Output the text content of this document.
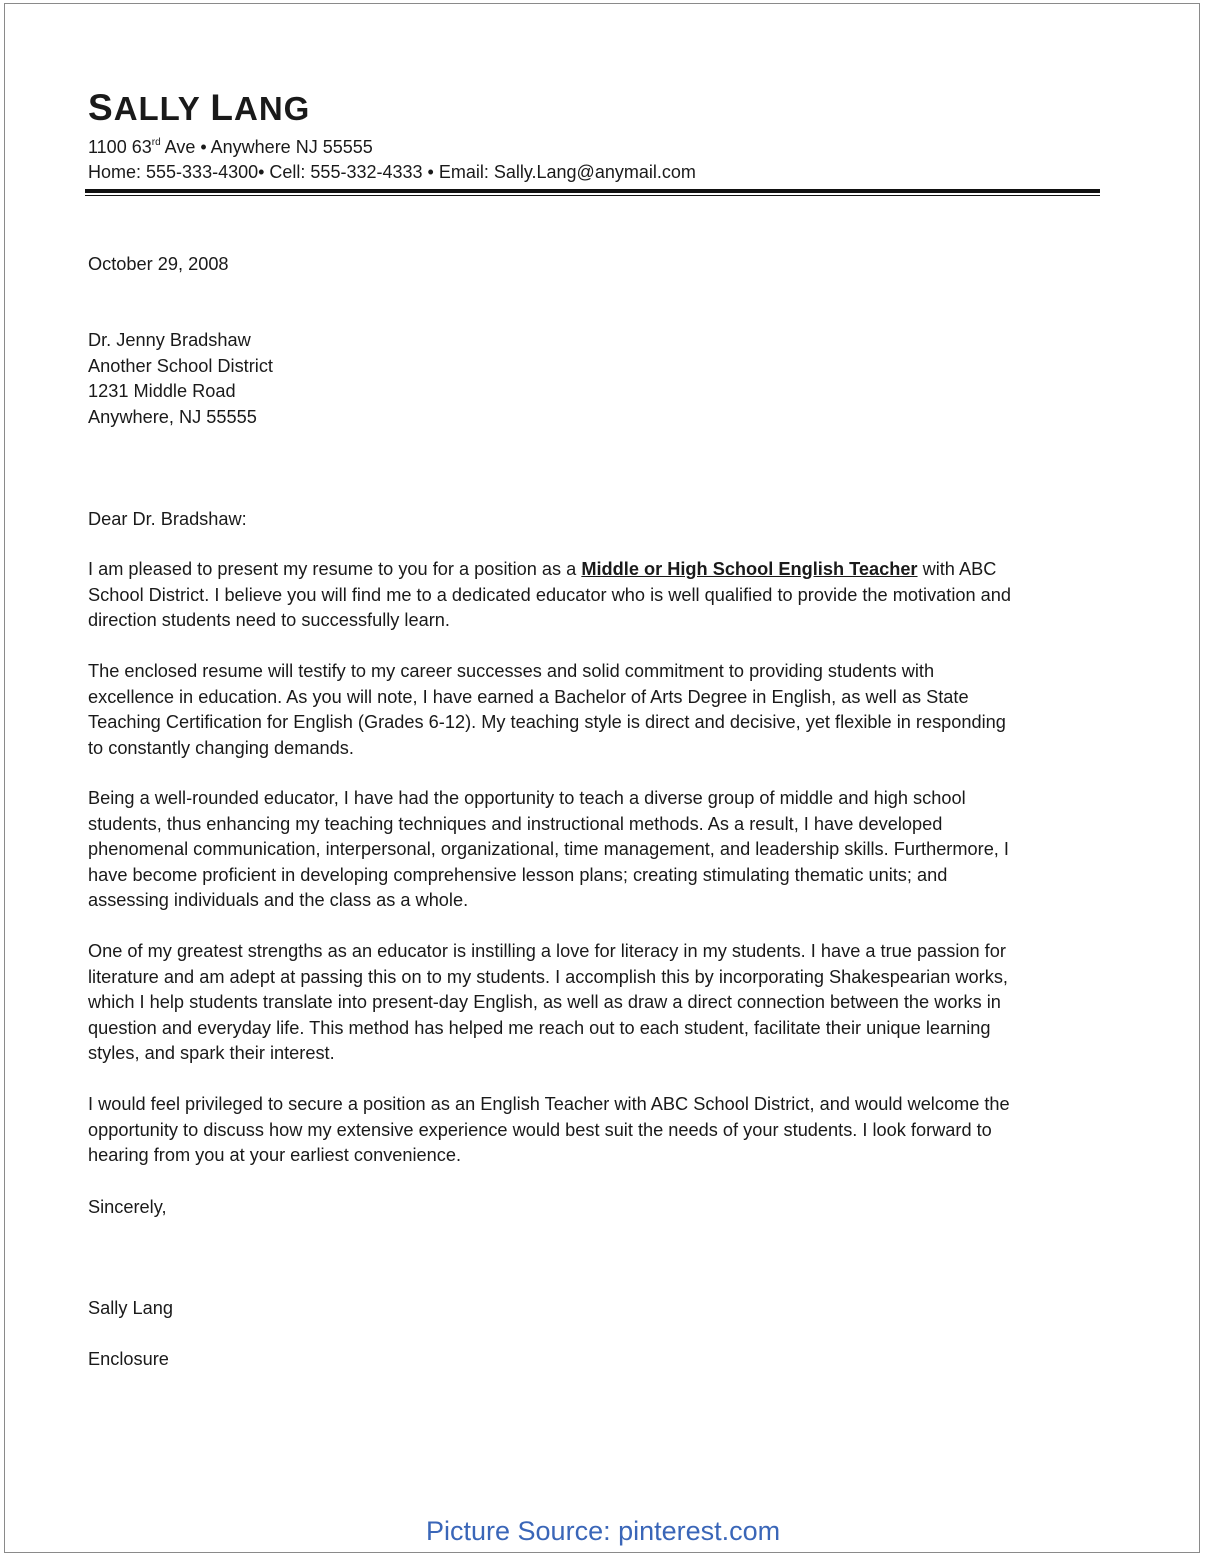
SALLY LANG
1100 63rd Ave • Anywhere NJ 55555
Home: 555-333-4300• Cell: 555-332-4333 • Email: Sally.Lang@anymail.com
October 29, 2008
Dr. Jenny Bradshaw
Another School District
1231 Middle Road
Anywhere, NJ 55555
Dear Dr. Bradshaw:
I am pleased to present my resume to you for a position as a Middle or High School English Teacher with ABC
School District. I believe you will find me to a dedicated educator who is well qualified to provide the motivation and
direction students need to successfully learn.
The enclosed resume will testify to my career successes and solid commitment to providing students with
excellence in education. As you will note, I have earned a Bachelor of Arts Degree in English, as well as State
Teaching Certification for English (Grades 6-12). My teaching style is direct and decisive, yet flexible in responding
to constantly changing demands.
Being a well-rounded educator, I have had the opportunity to teach a diverse group of middle and high school
students, thus enhancing my teaching techniques and instructional methods. As a result, I have developed
phenomenal communication, interpersonal, organizational, time management, and leadership skills. Furthermore, I
have become proficient in developing comprehensive lesson plans; creating stimulating thematic units; and
assessing individuals and the class as a whole.
One of my greatest strengths as an educator is instilling a love for literacy in my students. I have a true passion for
literature and am adept at passing this on to my students. I accomplish this by incorporating Shakespearian works,
which I help students translate into present-day English, as well as draw a direct connection between the works in
question and everyday life. This method has helped me reach out to each student, facilitate their unique learning
styles, and spark their interest.
I would feel privileged to secure a position as an English Teacher with ABC School District, and would welcome the
opportunity to discuss how my extensive experience would best suit the needs of your students. I look forward to
hearing from you at your earliest convenience.
Sincerely,
Sally Lang
Enclosure
Picture Source: pinterest.com
